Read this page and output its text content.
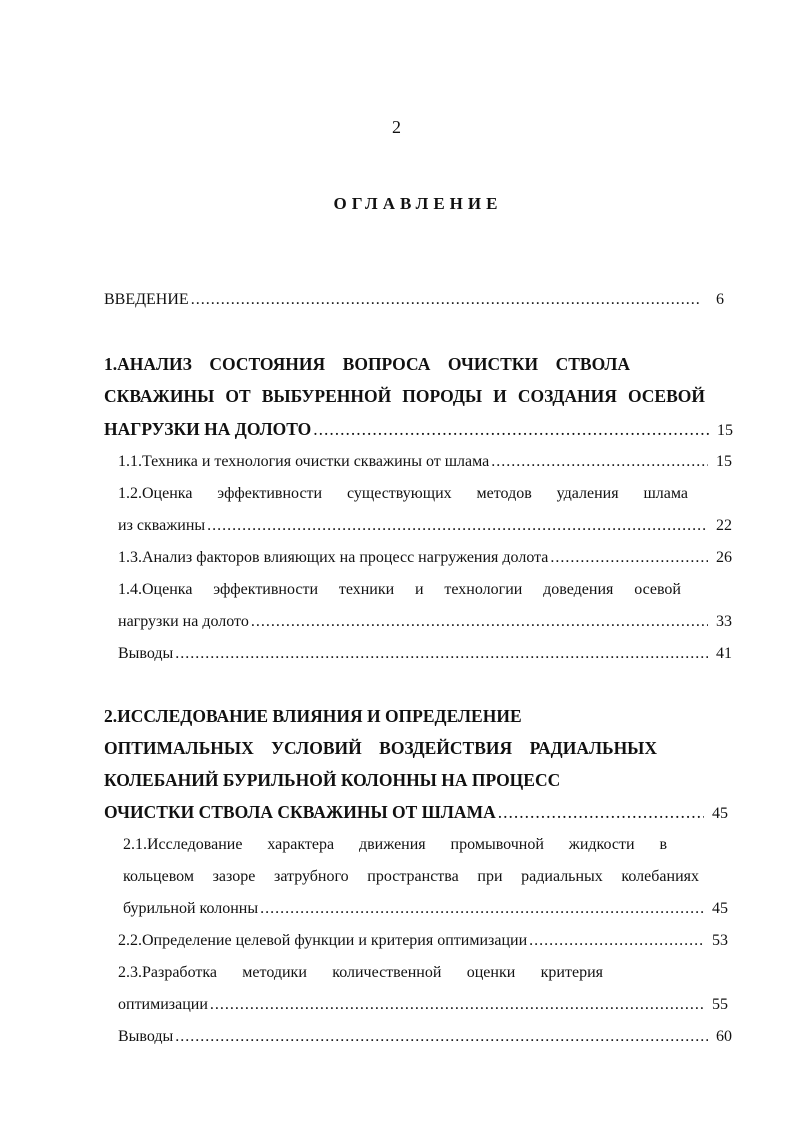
2
ОГЛАВЛЕНИЕ
ВВЕДЕНИЕ .....	6
1.АНАЛИЗ СОСТОЯНИЯ ВОПРОСА ОЧИСТКИ СТВОЛА
СКВАЖИНЫ ОТ ВЫБУРЕННОЙ ПОРОДЫ И СОЗДАНИЯ ОСЕВОЙ
НАГРУЗКИ НА ДОЛОТО .....	15
1.1.Техника и технология очистки скважины от шлама .....	15
1.2.Оценка эффективности существующих методов удаления шлама
из скважины .....	22
1.3.Анализ факторов влияющих на процесс нагружения долота .....	26
1.4.Оценка эффективности техники и технологии доведения осевой
нагрузки на долото .....	33
Выводы .....	41
2.ИССЛЕДОВАНИЕ ВЛИЯНИЯ И ОПРЕДЕЛЕНИЕ
ОПТИМАЛЬНЫХ УСЛОВИЙ ВОЗДЕЙСТВИЯ РАДИАЛЬНЫХ
КОЛЕБАНИЙ БУРИЛЬНОЙ КОЛОННЫ НА ПРОЦЕСС
ОЧИСТКИ СТВОЛА СКВАЖИНЫ ОТ ШЛАМА .....	45
2.1.Исследование характера движения промывочной жидкости в
кольцевом зазоре затрубного пространства при радиальных колебаниях
бурильной колонны .....	45
2.2.Определение целевой функции и критерия оптимизации .....	53
2.3.Разработка методики количественной оценки критерия
оптимизации .....	55
Выводы .....	60
